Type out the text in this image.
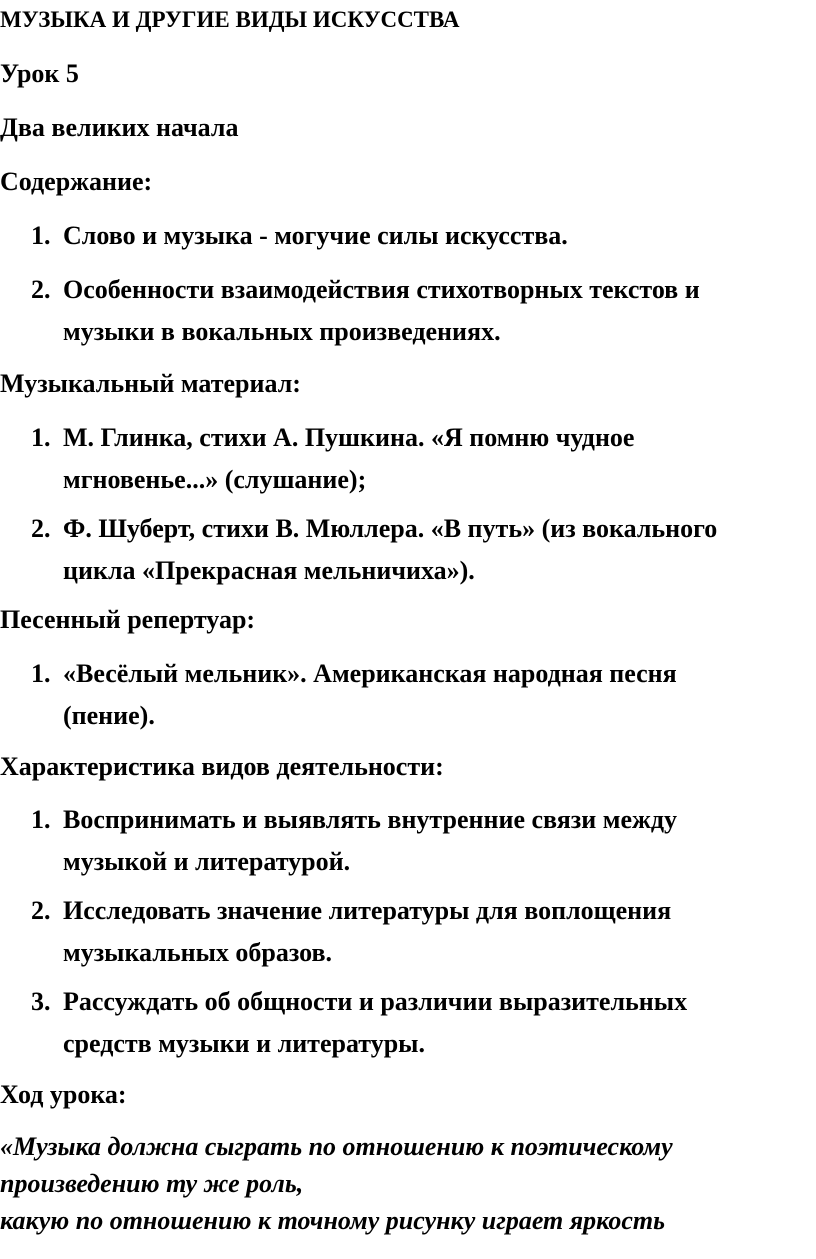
МУЗЫКА И ДРУГИЕ ВИДЫ ИСКУССТВА
Урок 5
Два великих начала
Содержание:
1. Слово и музыка - могучие силы искусства.
2. Особенности взаимодействия стихотворных текстов и
музыки в вокальных произведениях.
Музыкальный материал:
1. М. Глинка, стихи А. Пушкина. «Я помню чудное
мгновенье...» (слушание);
2. Ф. Шуберт, стихи В. Мюллера. «В путь» (из вокального
цикла «Прекрасная мельничиха»).
Песенный репертуар:
1. «Весёлый мельник». Американская народная песня
(пение).
Характеристика видов деятельности:
1. Воспринимать и выявлять внутренние связи между
музыкой и литературой.
2. Исследовать значение литературы для воплощения
музыкальных образов.
3. Рассуждать об общности и различии выразительных
средств музыки и литературы.
Ход урока:
«Музыка должна сыграть по отношению к поэтическому
произведению ту же роль,
какую по отношению к точному рисунку играет яркость
